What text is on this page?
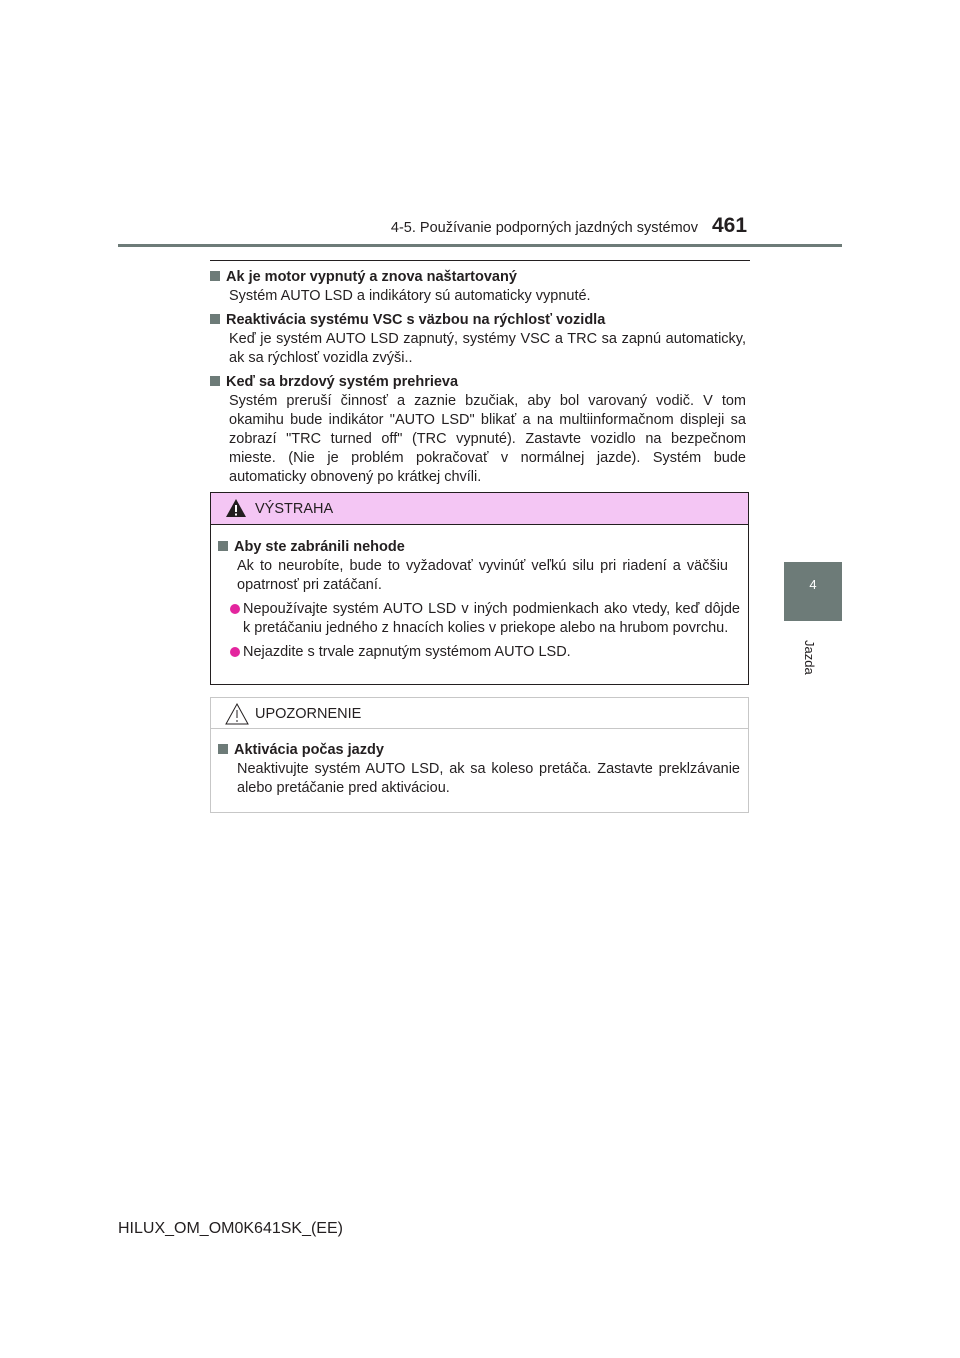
4-5. Používanie podporných jazdných systémov 461
4
Jazda
Ak je motor vypnutý a znova naštartovaný
Systém AUTO LSD a indikátory sú automaticky vypnuté.
Reaktivácia systému VSC s väzbou na rýchlosť vozidla
Keď je systém AUTO LSD zapnutý, systémy VSC a TRC sa zapnú automaticky, ak sa rýchlosť vozidla zvýši..
Keď sa brzdový systém prehrieva
Systém preruší činnosť a zaznie bzučiak, aby bol varovaný vodič. V tom okamihu bude indikátor "AUTO LSD" blikať a na multiinformačnom displeji sa zobrazí "TRC turned off" (TRC vypnuté). Zastavte vozidlo na bezpečnom mieste. (Nie je problém pokračovať v normálnej jazde). Systém bude automaticky obnovený po krátkej chvíli.
VÝSTRAHA
Aby ste zabránili nehode
Ak to neurobíte, bude to vyžadovať vyvinúť veľkú silu pri riadení a väčšiu opatrnosť pri zatáčaní.
Nepoužívajte systém AUTO LSD v iných podmienkach ako vtedy, keď dôjde k pretáčaniu jedného z hnacích kolies v priekope alebo na hrubom povrchu.
Nejazdite s trvale zapnutým systémom AUTO LSD.
UPOZORNENIE
Aktivácia počas jazdy
Neaktivujte systém AUTO LSD, ak sa koleso pretáča. Zastavte preklzávanie alebo pretáčanie pred aktiváciou.
HILUX_OM_OM0K641SK_(EE)
